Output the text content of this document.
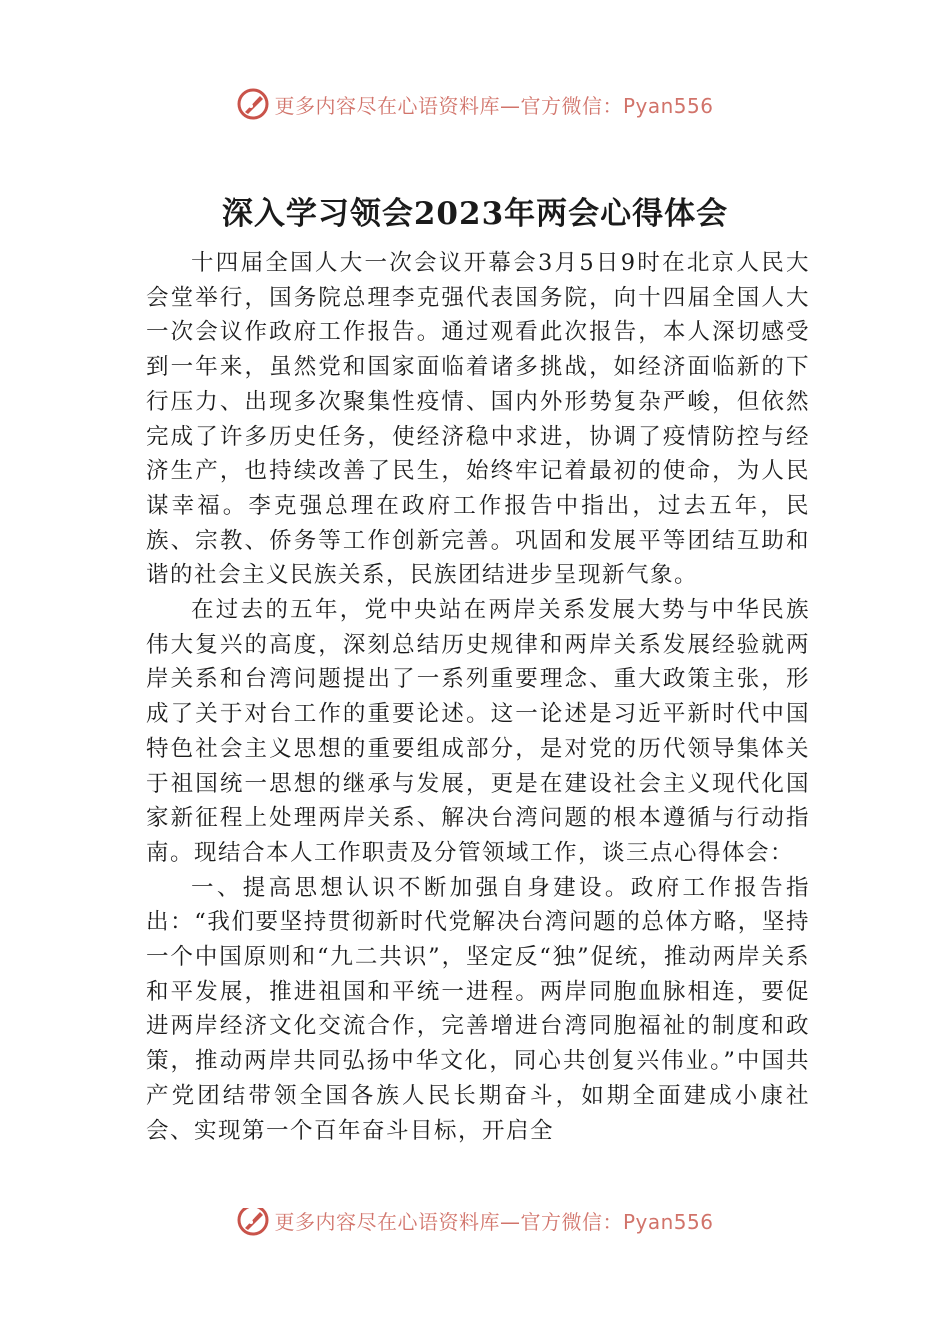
更多内容尽在心语资料库—官方微信：Pyan556
深入学习领会2023年两会心得体会

十四届全国人大一次会议开幕会3月5日9时在北京人民大会堂举行，国务院总理李克强代表国务院，向十四届全国人大一次会议作政府工作报告。通过观看此次报告，本人深切感受到一年来，虽然党和国家面临着诸多挑战，如经济面临新的下行压力、出现多次聚集性疫情、国内外形势复杂严峻，但依然完成了许多历史任务，使经济稳中求进，协调了疫情防控与经济生产，也持续改善了民生，始终牢记着最初的使命，为人民谋幸福。李克强总理在政府工作报告中指出，过去五年，民族、宗教、侨务等工作创新完善。巩固和发展平等团结互助和谐的社会主义民族关系，民族团结进步呈现新气象。

在过去的五年，党中央站在两岸关系发展大势与中华民族伟大复兴的高度，深刻总结历史规律和两岸关系发展经验就两岸关系和台湾问题提出了一系列重要理念、重大政策主张，形成了关于对台工作的重要论述。这一论述是习近平新时代中国特色社会主义思想的重要组成部分，是对党的历代领导集体关于祖国统一思想的继承与发展，更是在建设社会主义现代化国家新征程上处理两岸关系、解决台湾问题的根本遵循与行动指南。现结合本人工作职责及分管领域工作，谈三点心得体会：

一、提高思想认识不断加强自身建设。政府工作报告指出：“我们要坚持贯彻新时代党解决台湾问题的总体方略，坚持一个中国原则和“九二共识”，坚定反“独”促统，推动两岸关系和平发展，推进祖国和平统一进程。两岸同胞血脉相连，要促进两岸经济文化交流合作，完善增进台湾同胞福祉的制度和政策，推动两岸共同弘扬中华文化，同心共创复兴伟业。”中国共产党团结带领全国各族人民长期奋斗，如期全面建成小康社会、实现第一个百年奋斗目标，开启全

更多内容尽在心语资料库—官方微信：Pyan556
